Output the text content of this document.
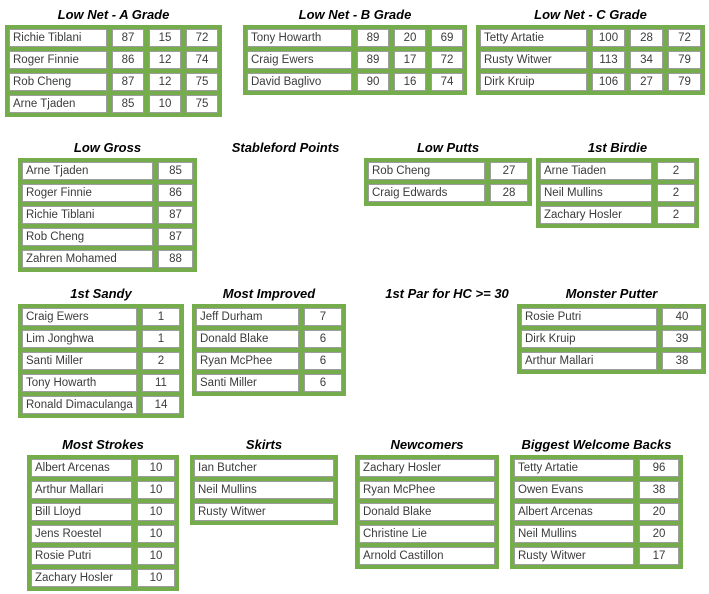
Low Net - A Grade
Richie Tiblani	87	15	72
Roger Finnie	86	12	74
Rob Cheng	87	12	75
Arne Tjaden	85	10	75
Low Net - B Grade
Tony Howarth	89	20	69
Craig Ewers	89	17	72
David Baglivo	90	16	74
Low Net - C Grade
Tetty Artatie	100	28	72
Rusty Witwer	113	34	79
Dirk Kruip	106	27	79
Low Gross
Arne Tjaden	85
Roger Finnie	86
Richie Tiblani	87
Rob Cheng	87
Zahren Mohamed	88
Stableford Points	Low Putts
Rob Cheng	27
Craig Edwards	28
1st Birdie
Arne Tiaden	2
Neil Mullins	2
Zachary Hosler	2
1st Sandy
Craig Ewers	1
Lim Jonghwa	1
Santi Miller	2
Tony Howarth	11
Ronald Dimaculanga	14
Most Improved
Jeff Durham	7
Donald Blake	6
Ryan McPhee	6
Santi Miller	6
1st Par for HC >= 30	Monster Putter
Rosie Putri	40
Dirk Kruip	39
Arthur Mallari	38
Most Strokes
Albert Arcenas	10
Arthur Mallari	10
Bill Lloyd	10
Jens Roestel	10
Rosie Putri	10
Zachary Hosler	10
Skirts
Ian Butcher
Neil Mullins
Rusty Witwer
Newcomers
Zachary Hosler
Ryan McPhee
Donald Blake
Christine Lie
Arnold Castillon
Biggest Welcome Backs
Tetty Artatie	96
Owen Evans	38
Albert Arcenas	20
Neil Mullins	20
Rusty Witwer	17
